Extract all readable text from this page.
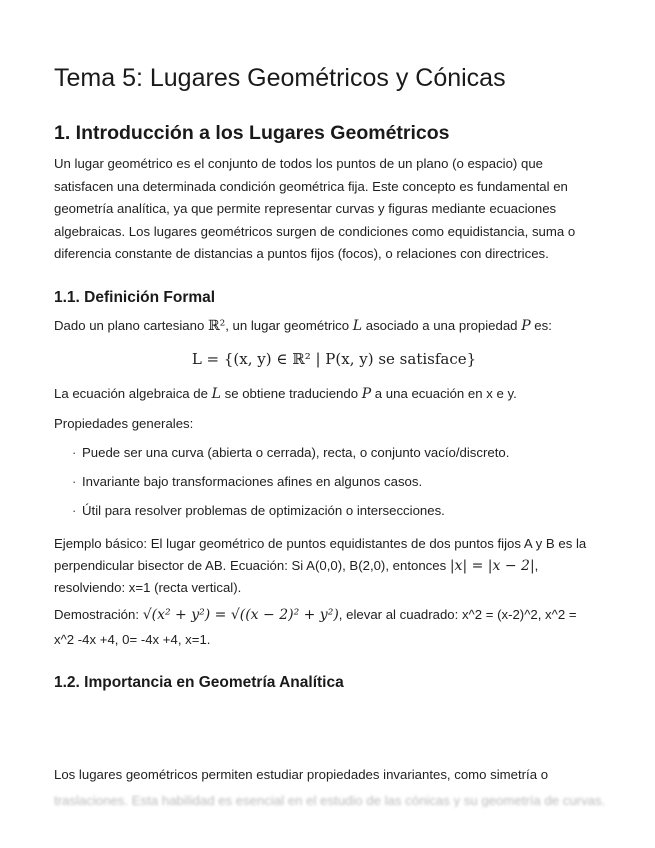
Tema 5: Lugares Geométricos y Cónicas
1. Introducción a los Lugares Geométricos
Un lugar geométrico es el conjunto de todos los puntos de un plano (o espacio) que satisfacen una determinada condición geométrica fija. Este concepto es fundamental en geometría analítica, ya que permite representar curvas y figuras mediante ecuaciones algebraicas. Los lugares geométricos surgen de condiciones como equidistancia, suma o diferencia constante de distancias a puntos fijos (focos), o relaciones con directrices.
1.1. Definición Formal
Dado un plano cartesiano ℝ², un lugar geométrico L asociado a una propiedad P es:
L = {(x, y) ∈ ℝ² | P(x, y) se satisface}
La ecuación algebraica de L se obtiene traduciendo P a una ecuación en x e y.
Propiedades generales:
· Puede ser una curva (abierta o cerrada), recta, o conjunto vacío/discreto.
· Invariante bajo transformaciones afines en algunos casos.
· Útil para resolver problemas de optimización o intersecciones.
Ejemplo básico: El lugar geométrico de puntos equidistantes de dos puntos fijos A y B es la
perpendicular bisector de AB. Ecuación: Si A(0,0), B(2,0), entonces |x| = |x − 2|,
resolviendo: x=1 (recta vertical).
Demostración: √(x² + y²) = √((x − 2)² + y²), elevar al cuadrado: x^2 = (x-2)^2, x^2 =
x^2 -4x +4, 0= -4x +4, x=1.
1.2. Importancia en Geometría Analítica
Los lugares geométricos permiten estudiar propiedades invariantes, como simetría o
traslaciones. Esta habilidad es esencial en el estudio de las cónicas y su geometría de curvas.
